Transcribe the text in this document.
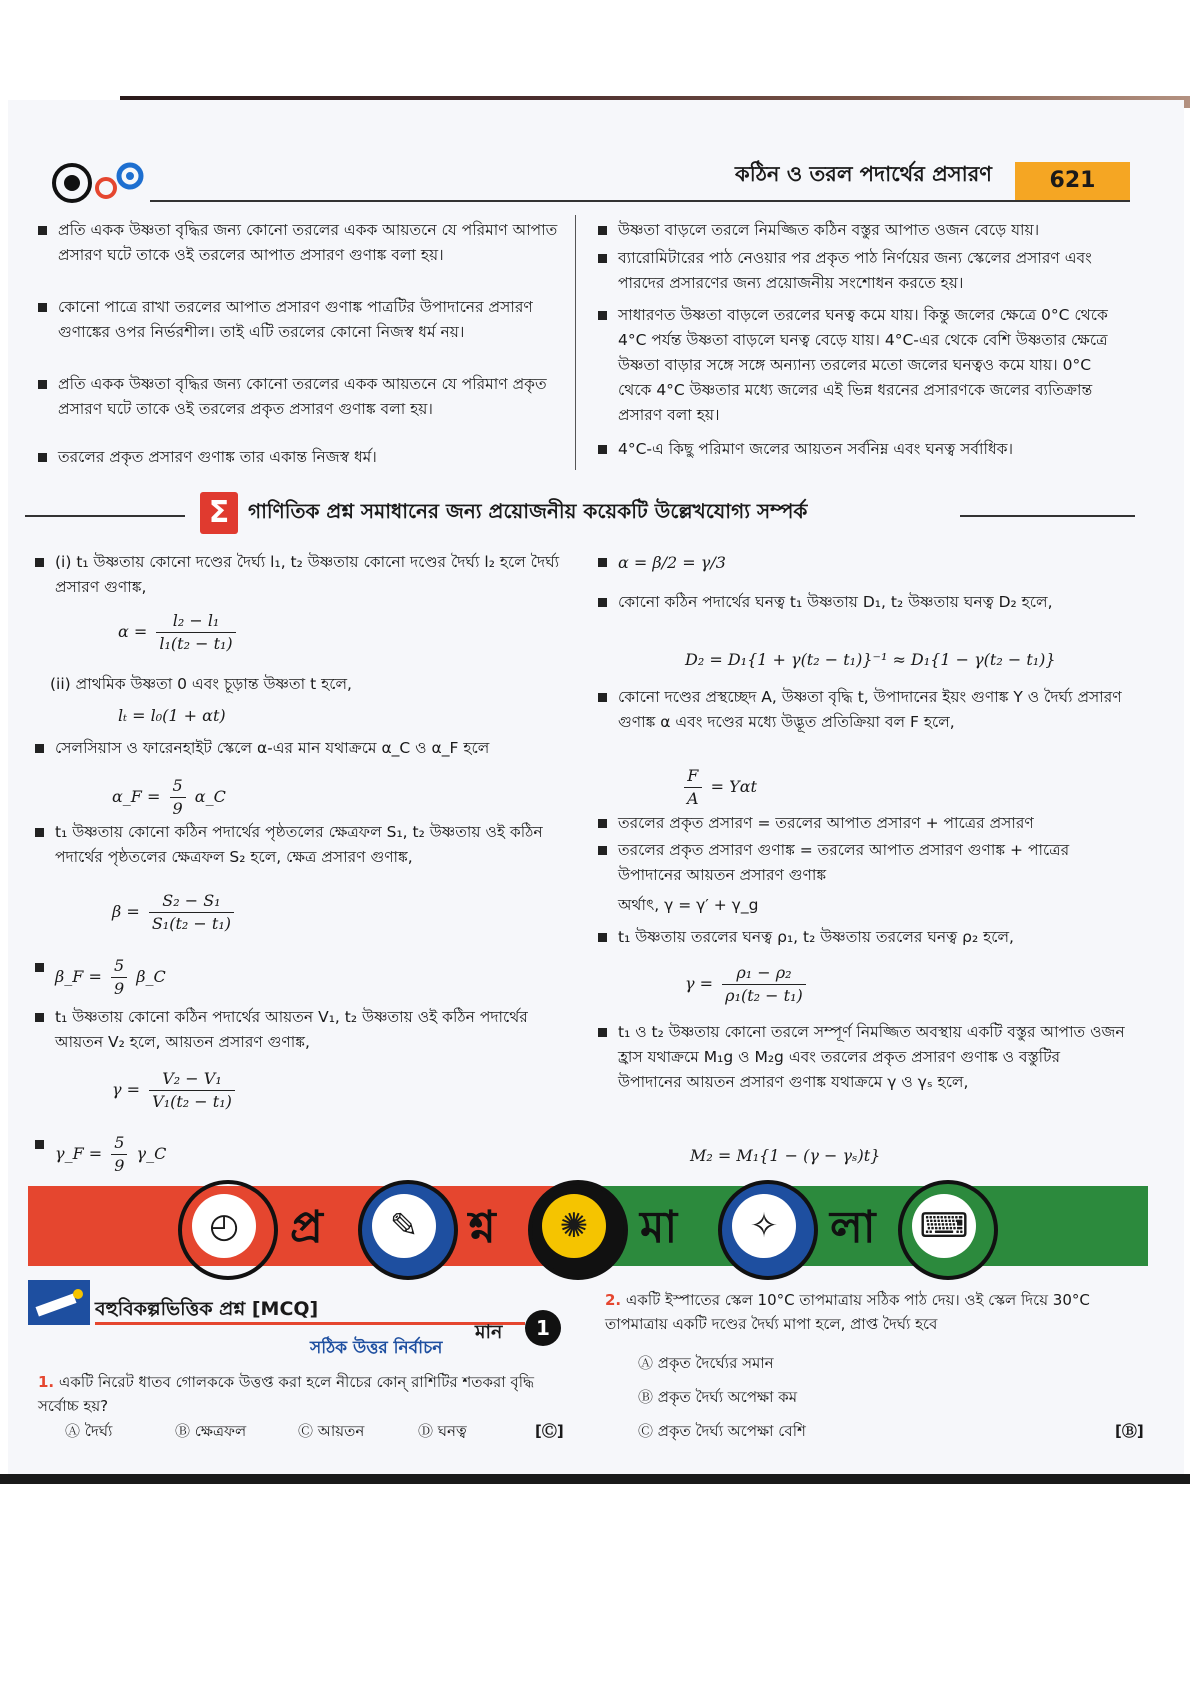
কঠিন ও তরল পদার্থের প্রসারণ	621
প্রতি একক উষ্ণতা বৃদ্ধির জন্য কোনো তরলের একক আয়তনে যে পরিমাণ আপাত প্রসারণ ঘটে তাকে ওই তরলের আপাত প্রসারণ গুণাঙ্ক বলা হয়।
কোনো পাত্রে রাখা তরলের আপাত প্রসারণ গুণাঙ্ক পাত্রটির উপাদানের প্রসারণ গুণাঙ্কের ওপর নির্ভরশীল। তাই এটি তরলের কোনো নিজস্ব ধর্ম নয়।
প্রতি একক উষ্ণতা বৃদ্ধির জন্য কোনো তরলের একক আয়তনে যে পরিমাণ প্রকৃত প্রসারণ ঘটে তাকে ওই তরলের প্রকৃত প্রসারণ গুণাঙ্ক বলা হয়।
তরলের প্রকৃত প্রসারণ গুণাঙ্ক তার একান্ত নিজস্ব ধর্ম।
উষ্ণতা বাড়লে তরলে নিমজ্জিত কঠিন বস্তুর আপাত ওজন বেড়ে যায়।
ব্যারোমিটারের পাঠ নেওয়ার পর প্রকৃত পাঠ নির্ণয়ের জন্য স্কেলের প্রসারণ এবং পারদের প্রসারণের জন্য প্রয়োজনীয় সংশোধন করতে হয়।
সাধারণত উষ্ণতা বাড়লে তরলের ঘনত্ব কমে যায়। কিন্তু জলের ক্ষেত্রে 0°C থেকে 4°C পর্যন্ত উষ্ণতা বাড়লে ঘনত্ব বেড়ে যায়। 4°C-এর থেকে বেশি উষ্ণতার ক্ষেত্রে উষ্ণতা বাড়ার সঙ্গে সঙ্গে অন্যান্য তরলের মতো জলের ঘনত্বও কমে যায়। 0°C থেকে 4°C উষ্ণতার মধ্যে জলের এই ভিন্ন ধরনের প্রসারণকে জলের ব্যতিক্রান্ত প্রসারণ বলা হয়।
4°C-এ কিছু পরিমাণ জলের আয়তন সর্বনিম্ন এবং ঘনত্ব সর্বাধিক।
Σ গাণিতিক প্রশ্ন সমাধানের জন্য প্রয়োজনীয় কয়েকটি উল্লেখযোগ্য সম্পর্ক
(i) t₁ উষ্ণতায় কোনো দণ্ডের দৈর্ঘ্য l₁, t₂ উষ্ণতায় কোনো দণ্ডের দৈর্ঘ্য l₂ হলে দৈর্ঘ্য প্রসারণ গুণাঙ্ক,
$\alpha = \frac{\text{l₂ − l₁}}{\text{l₁(t₂ − t₁)}}$
(ii) প্রাথমিক উষ্ণতা 0 এবং চূড়ান্ত উষ্ণতা t হলে,
lₜ = l₀(1 + αt)
সেলসিয়াস ও ফারেনহাইট স্কেলে α-এর মান যথাক্রমে α_C ও α_F হলে
α_F = $\frac{5}{9}$ α_C
t₁ উষ্ণতায় কোনো কঠিন পদার্থের পৃষ্ঠতলের ক্ষেত্রফল S₁, t₂ উষ্ণতায় ওই কঠিন পদার্থের পৃষ্ঠতলের ক্ষেত্রফল S₂ হলে, ক্ষেত্র প্রসারণ গুণাঙ্ক,
$\beta = \frac{\text{S₂ − S₁}}{\text{S₁(t₂ − t₁)}}$
β_F = $\frac{5}{9}$ β_C
t₁ উষ্ণতায় কোনো কঠিন পদার্থের আয়তন V₁, t₂ উষ্ণতায় ওই কঠিন পদার্থের আয়তন V₂ হলে, আয়তন প্রসারণ গুণাঙ্ক,
$\gamma = \frac{\text{V₂ − V₁}}{\text{V₁(t₂ − t₁)}}$
γ_F = $\frac{5}{9}$ γ_C
α = β/2 = γ/3
কোনো কঠিন পদার্থের ঘনত্ব t₁ উষ্ণতায় D₁, t₂ উষ্ণতায় ঘনত্ব D₂ হলে,
D₂ = D₁{1 + γ(t₂ − t₁)}⁻¹ ≈ D₁{1 − γ(t₂ − t₁)}
কোনো দণ্ডের প্রস্থচ্ছেদ A, উষ্ণতা বৃদ্ধি t, উপাদানের ইয়ং গুণাঙ্ক Y ও দৈর্ঘ্য প্রসারণ গুণাঙ্ক α এবং দণ্ডের মধ্যে উদ্ভূত প্রতিক্রিয়া বল F হলে,
$\frac{F}{A} = Y\alpha t$
তরলের প্রকৃত প্রসারণ = তরলের আপাত প্রসারণ + পাত্রের প্রসারণ
তরলের প্রকৃত প্রসারণ গুণাঙ্ক = তরলের আপাত প্রসারণ গুণাঙ্ক + পাত্রের উপাদানের আয়তন প্রসারণ গুণাঙ্ক
অর্থাৎ, γ = γ′ + γ_g
t₁ উষ্ণতায় তরলের ঘনত্ব ρ₁, t₂ উষ্ণতায় তরলের ঘনত্ব ρ₂ হলে,
$\gamma = \frac{\text{ρ₁ − ρ₂}}{\text{ρ₁(t₂ − t₁)}}$
t₁ ও t₂ উষ্ণতায় কোনো তরলে সম্পূর্ণ নিমজ্জিত অবস্থায় একটি বস্তুর আপাত ওজন হ্রাস যথাক্রমে M₁g ও M₂g এবং তরলের প্রকৃত প্রসারণ গুণাঙ্ক ও বস্তুটির উপাদানের আয়তন প্রসারণ গুণাঙ্ক যথাক্রমে γ ও γₛ হলে,
M₂ = M₁{1 − (γ − γₛ)t}
◴	প্র	✎	শ্ন	✺	মা	✧	লা ⌨
বহুবিকল্পভিত্তিক প্রশ্ন [MCQ]
মান	1
সঠিক উত্তর নির্বাচন
1. একটি নিরেট ধাতব গোলককে উত্তপ্ত করা হলে নীচের কোন্‌ রাশিটির শতকরা বৃদ্ধি সর্বোচ্চ হয়?
Ⓐ দৈর্ঘ্য	Ⓑ ক্ষেত্রফল	Ⓒ আয়তন	Ⓓ ঘনত্ব	[Ⓒ]
2. একটি ইস্পাতের স্কেল 10°C তাপমাত্রায় সঠিক পাঠ দেয়। ওই স্কেল দিয়ে 30°C তাপমাত্রায় একটি দণ্ডের দৈর্ঘ্য মাপা হলে, প্রাপ্ত দৈর্ঘ্য হবে
Ⓐ প্রকৃত দৈর্ঘ্যের সমান
Ⓑ প্রকৃত দৈর্ঘ্য অপেক্ষা কম
Ⓒ প্রকৃত দৈর্ঘ্য অপেক্ষা বেশি	[Ⓑ]
